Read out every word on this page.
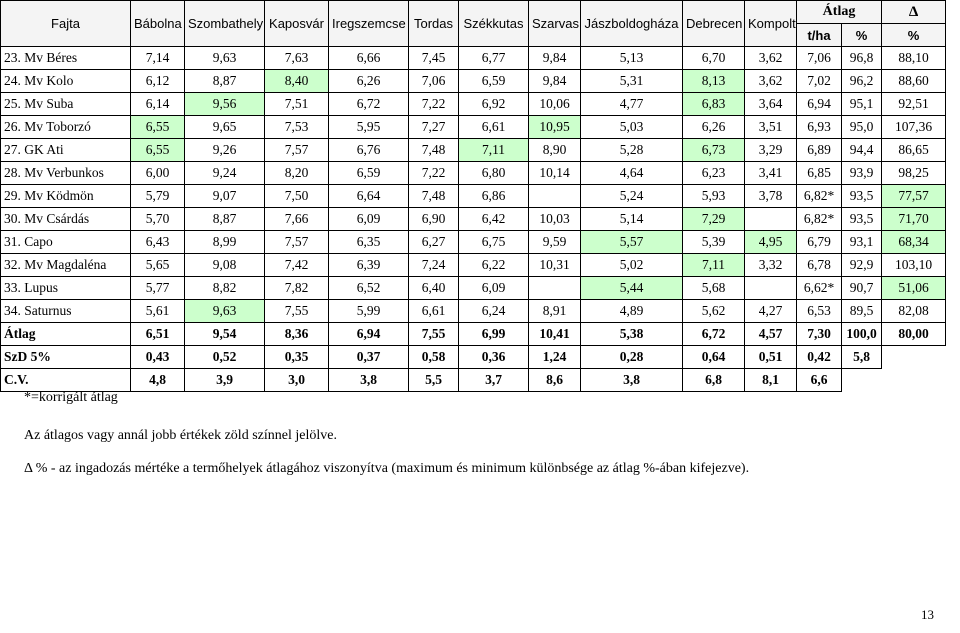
Fajta	Bábolna	Szombathely	Kaposvár	Iregszemcse	Tordas	Székkutas	Szarvas	Jászboldogháza	Debrecen	Kompolt	Átlag		Δ
											t/ha	%	%
23. Mv Béres	7,14	9,63	7,63	6,66	7,45	6,77	9,84	5,13	6,70	3,62	7,06	96,8	88,10
24. Mv Kolo	6,12	8,87	8,40	6,26	7,06	6,59	9,84	5,31	8,13	3,62	7,02	96,2	88,60
25. Mv Suba	6,14	9,56	7,51	6,72	7,22	6,92	10,06	4,77	6,83	3,64	6,94	95,1	92,51
26. Mv Toborzó	6,55	9,65	7,53	5,95	7,27	6,61	10,95	5,03	6,26	3,51	6,93	95,0	107,36
27. GK Ati	6,55	9,26	7,57	6,76	7,48	7,11	8,90	5,28	6,73	3,29	6,89	94,4	86,65
28. Mv Verbunkos	6,00	9,24	8,20	6,59	7,22	6,80	10,14	4,64	6,23	3,41	6,85	93,9	98,25
29. Mv Ködmön	5,79	9,07	7,50	6,64	7,48	6,86		5,24	5,93	3,78	6,82*	93,5	77,57
30. Mv Csárdás	5,70	8,87	7,66	6,09	6,90	6,42	10,03	5,14	7,29		6,82*	93,5	71,70
31. Capo	6,43	8,99	7,57	6,35	6,27	6,75	9,59	5,57	5,39	4,95	6,79	93,1	68,34
32. Mv Magdaléna	5,65	9,08	7,42	6,39	7,24	6,22	10,31	5,02	7,11	3,32	6,78	92,9	103,10
33. Lupus	5,77	8,82	7,82	6,52	6,40	6,09		5,44	5,68		6,62*	90,7	51,06
34. Saturnus	5,61	9,63	7,55	5,99	6,61	6,24	8,91	4,89	5,62	4,27	6,53	89,5	82,08
Átlag	6,51	9,54	8,36	6,94	7,55	6,99	10,41	5,38	6,72	4,57	7,30	100,0	80,00
SzD 5%	0,43	0,52	0,35	0,37	0,58	0,36	1,24	0,28	0,64	0,51	0,42	5,8	
C.V.	4,8	3,9	3,0	3,8	5,5	3,7	8,6	3,8	6,8	8,1	6,6		
*=korrigált átlag
Az átlagos vagy annál jobb értékek zöld színnel jelölve.
Δ % - az ingadozás mértéke a termőhelyek átlagához viszonyítva (maximum és minimum különbsége az átlag %-ában kifejezve).
13
